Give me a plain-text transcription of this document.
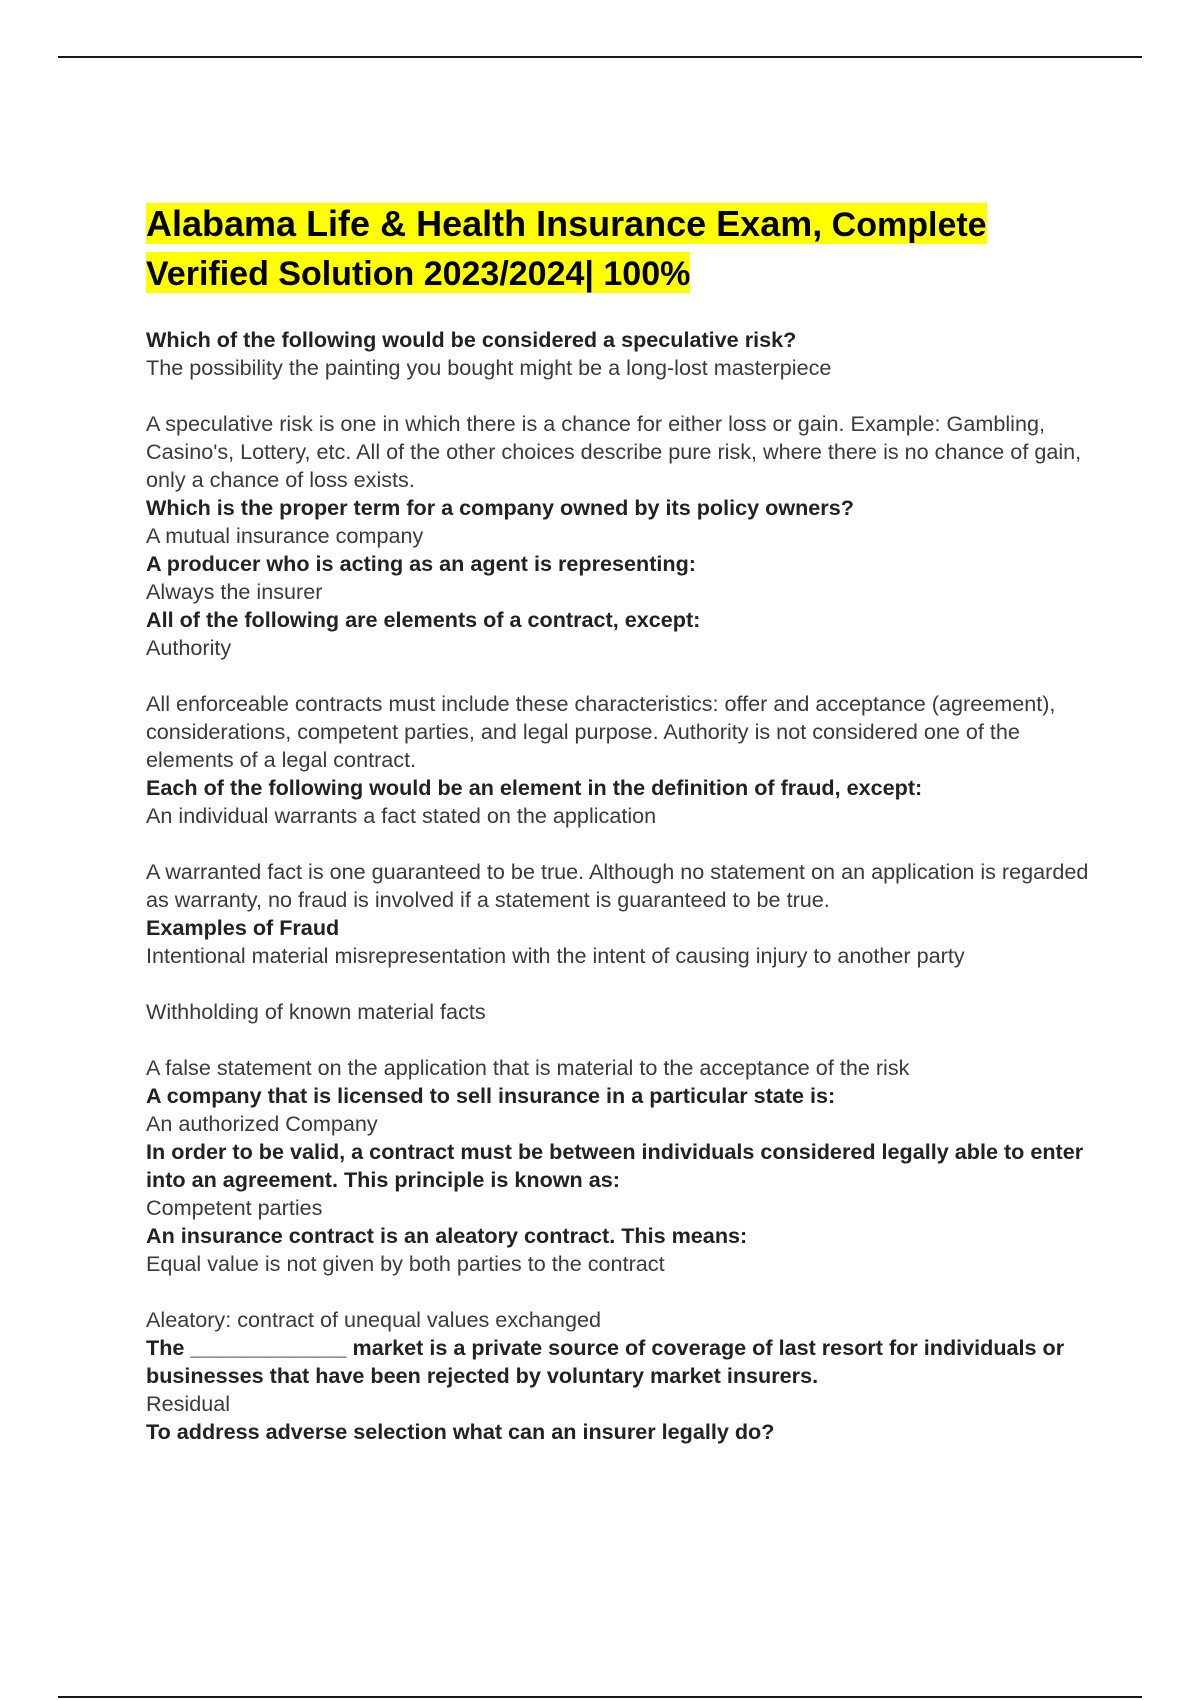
Alabama Life & Health Insurance Exam, Complete Verified Solution 2023/2024| 100%
Which of the following would be considered a speculative risk?
The possibility the painting you bought might be a long-lost masterpiece
A speculative risk is one in which there is a chance for either loss or gain. Example: Gambling, Casino's, Lottery, etc. All of the other choices describe pure risk, where there is no chance of gain, only a chance of loss exists.
Which is the proper term for a company owned by its policy owners?
A mutual insurance company
A producer who is acting as an agent is representing:
Always the insurer
All of the following are elements of a contract, except:
Authority
All enforceable contracts must include these characteristics: offer and acceptance (agreement), considerations, competent parties, and legal purpose. Authority is not considered one of the elements of a legal contract.
Each of the following would be an element in the definition of fraud, except:
An individual warrants a fact stated on the application
A warranted fact is one guaranteed to be true. Although no statement on an application is regarded as warranty, no fraud is involved if a statement is guaranteed to be true.
Examples of Fraud
Intentional material misrepresentation with the intent of causing injury to another party
Withholding of known material facts
A false statement on the application that is material to the acceptance of the risk
A company that is licensed to sell insurance in a particular state is:
An authorized Company
In order to be valid, a contract must be between individuals considered legally able to enter into an agreement. This principle is known as:
Competent parties
An insurance contract is an aleatory contract. This means:
Equal value is not given by both parties to the contract
Aleatory: contract of unequal values exchanged
The _____________ market is a private source of coverage of last resort for individuals or businesses that have been rejected by voluntary market insurers.
Residual
To address adverse selection what can an insurer legally do?
